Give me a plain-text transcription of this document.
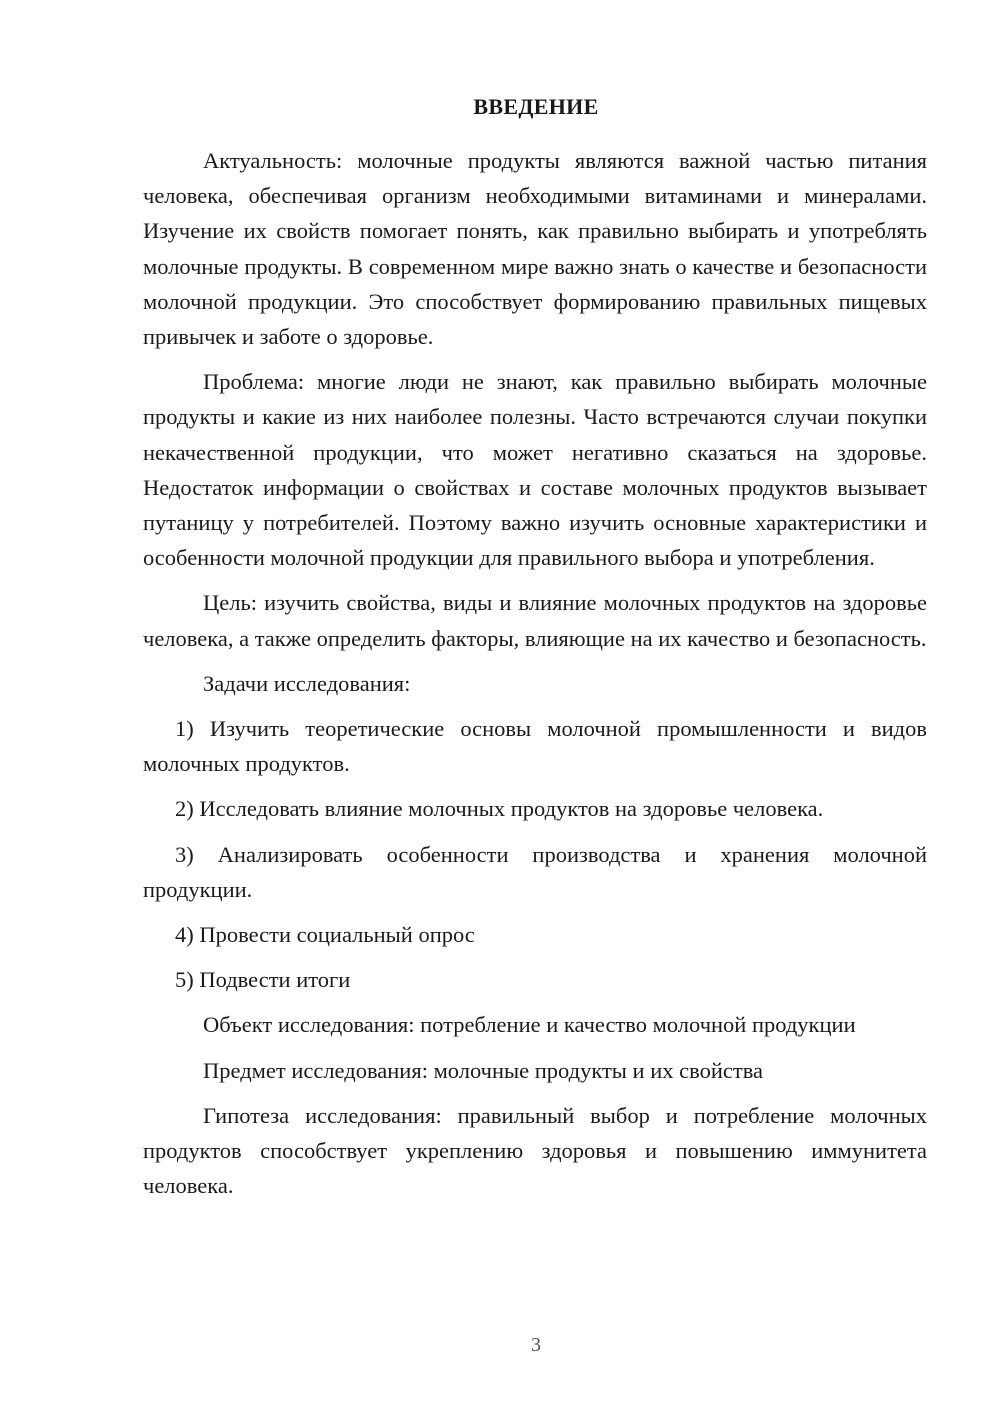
ВВЕДЕНИЕ

Актуальность: молочные продукты являются важной частью питания человека, обеспечивая организм необходимыми витаминами и минералами. Изучение их свойств помогает понять, как правильно выбирать и употреблять молочные продукты. В современном мире важно знать о качестве и безопасности молочной продукции. Это способствует формированию правильных пищевых привычек и заботе о здоровье.

Проблема: многие люди не знают, как правильно выбирать молочные продукты и какие из них наиболее полезны. Часто встречаются случаи покупки некачественной продукции, что может негативно сказаться на здоровье. Недостаток информации о свойствах и составе молочных продуктов вызывает путаницу у потребителей. Поэтому важно изучить основные характеристики и особенности молочной продукции для правильного выбора и употребления.

Цель: изучить свойства, виды и влияние молочных продуктов на здоровье человека, а также определить факторы, влияющие на их качество и безопасность.

Задачи исследования:

1) Изучить теоретические основы молочной промышленности и видов молочных продуктов.

2) Исследовать влияние молочных продуктов на здоровье человека.

3) Анализировать особенности производства и хранения молочной продукции.

4) Провести социальный опрос

5) Подвести итоги

Объект исследования: потребление и качество молочной продукции

Предмет исследования: молочные продукты и их свойства

Гипотеза исследования: правильный выбор и потребление молочных продуктов способствует укреплению здоровья и повышению иммунитета человека.

3
